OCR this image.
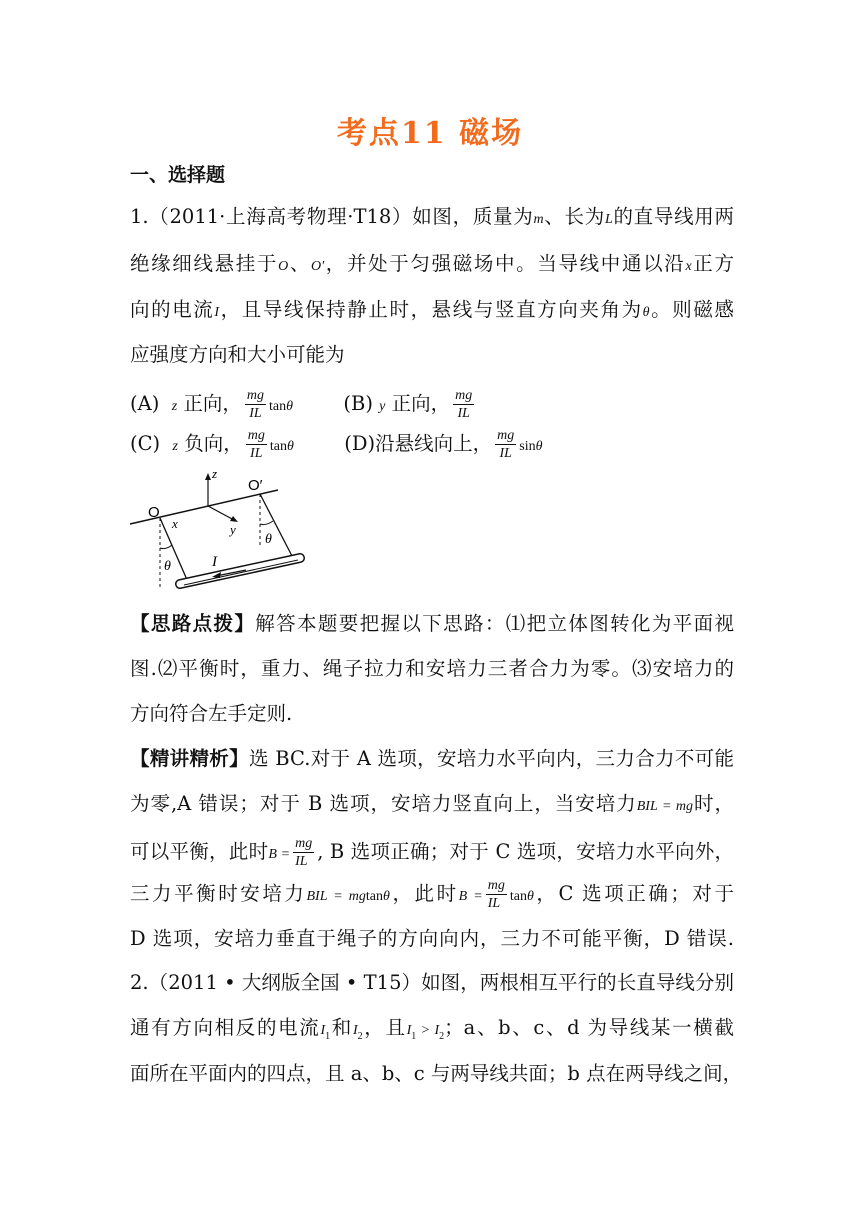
考点11 磁场
一、选择题
1.（2011·上海高考物理·T18）如图，质量为m、长为L的直导线用两
绝缘细线悬挂于O、O'，并处于匀强磁场中。当导线中通以沿x正方
向的电流I，且导线保持静止时，悬线与竖直方向夹角为θ。则磁感
应强度方向和大小可能为
(A) z 正向， $\frac{mg}{IL}$ tanθ	(B) y 正向， $\frac{mg}{IL}$
(C) z 负向， $\frac{mg}{IL}$ tanθ	(D)沿悬线向上， $\frac{mg}{IL}$ sinθ
O
O′
x	y
z
θ
θ
I
【思路点拨】解答本题要把握以下思路：⑴把立体图转化为平面视
图.⑵平衡时，重力、绳子拉力和安培力三者合力为零。⑶安培力的
方向符合左手定则.
【精讲精析】选 BC.对于 A 选项，安培力水平向内，三力合力不可能
为零,A 错误；对于 B 选项，安培力竖直向上，当安培力BIL = mg时，
可以平衡，此时$B = \frac{mg}{IL}$ , B 选项正确；对于 C 选项，安培力水平向外，
三力平衡时安培力BIL = mgtanθ，此时$B = \frac{mg}{IL}$ tanθ，C 选项正确；对于
D 选项，安培力垂直于绳子的方向向内，三力不可能平衡，D 错误.
2.（2011 • 大纲版全国 • T15）如图，两根相互平行的长直导线分别
通有方向相反的电流$I_1$和$I_2$，且$I_1 > I_2$；a、b、c、d 为导线某一横截
面所在平面内的四点，且 a、b、c 与两导线共面；b 点在两导线之间，
